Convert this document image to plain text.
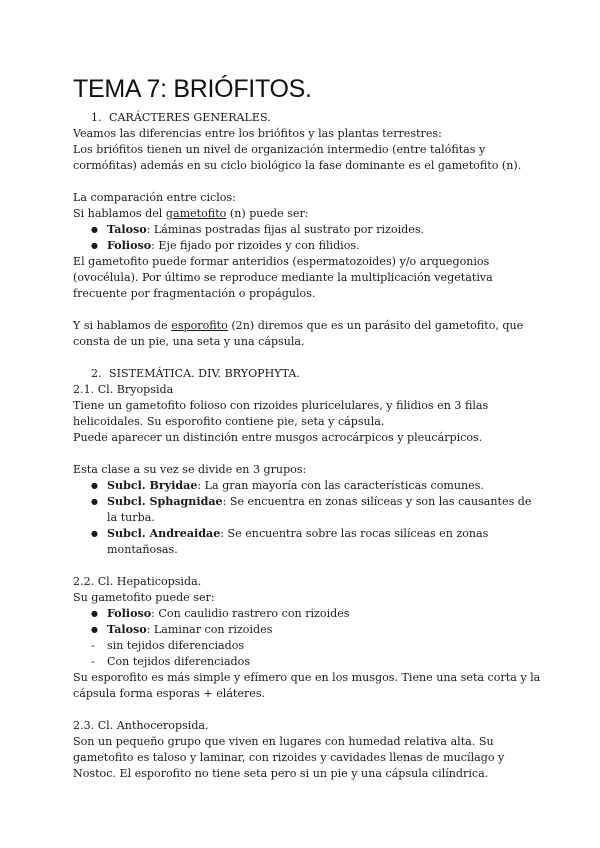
TEMA 7: BRIÓFITOS.
1. CARÁCTERES GENERALES.

Veamos las diferencias entre los briófitos y las plantas terrestres:

Los briófitos tienen un nivel de organización intermedio (entre talófitas y cormófitas) además en su ciclo biológico la fase dominante es el gametofito (n).

La comparación entre ciclos:

Si hablamos del gametofito (n) puede ser:

● Taloso: Láminas postradas fijas al sustrato por rizoides.
● Folioso: Eje fijado por rizoides y con filidios.

El gametofito puede formar anteridios (espermatozoides) y/o arquegonios (ovocélula). Por último se reproduce mediante la multiplicación vegetativa frecuente por fragmentación o propágulos.

Y si hablamos de esporofito (2n) diremos que es un parásito del gametofito, que consta de un pie, una seta y una cápsula.

2. SISTEMÁTICA. DIV. BRYOPHYTA.

2.1. Cl. Bryopsida

Tiene un gametofito folioso con rizoides pluricelulares, y filidios en 3 filas helicoidales. Su esporofito contiene pie, seta y cápsula.

Puede aparecer un distinción entre musgos acrocárpicos y pleucárpicos.

Esta clase a su vez se divide en 3 grupos:

● Subcl. Bryidae: La gran mayoría con las características comunes.
● Subcl. Sphagnidae: Se encuentra en zonas silíceas y son las causantes de la turba.
● Subcl. Andreaidae: Se encuentra sobre las rocas silíceas en zonas montañosas.

2.2. Cl. Hepaticopsida.

Su gametofito puede ser:

● Folioso: Con caulidio rastrero con rizoides
● Taloso: Laminar con rizoides
- sin tejidos diferenciados
- Con tejidos diferenciados

Su esporofito es más simple y efímero que en los musgos. Tiene una seta corta y la cápsula forma esporas + eláteres.

2.3. Cl. Anthoceropsida.

Son un pequeño grupo que viven en lugares con humedad relativa alta. Su gametofito es taloso y laminar, con rizoides y cavidades llenas de mucílago y Nostoc. El esporofito no tiene seta pero si un pie y una cápsula cilíndrica.
